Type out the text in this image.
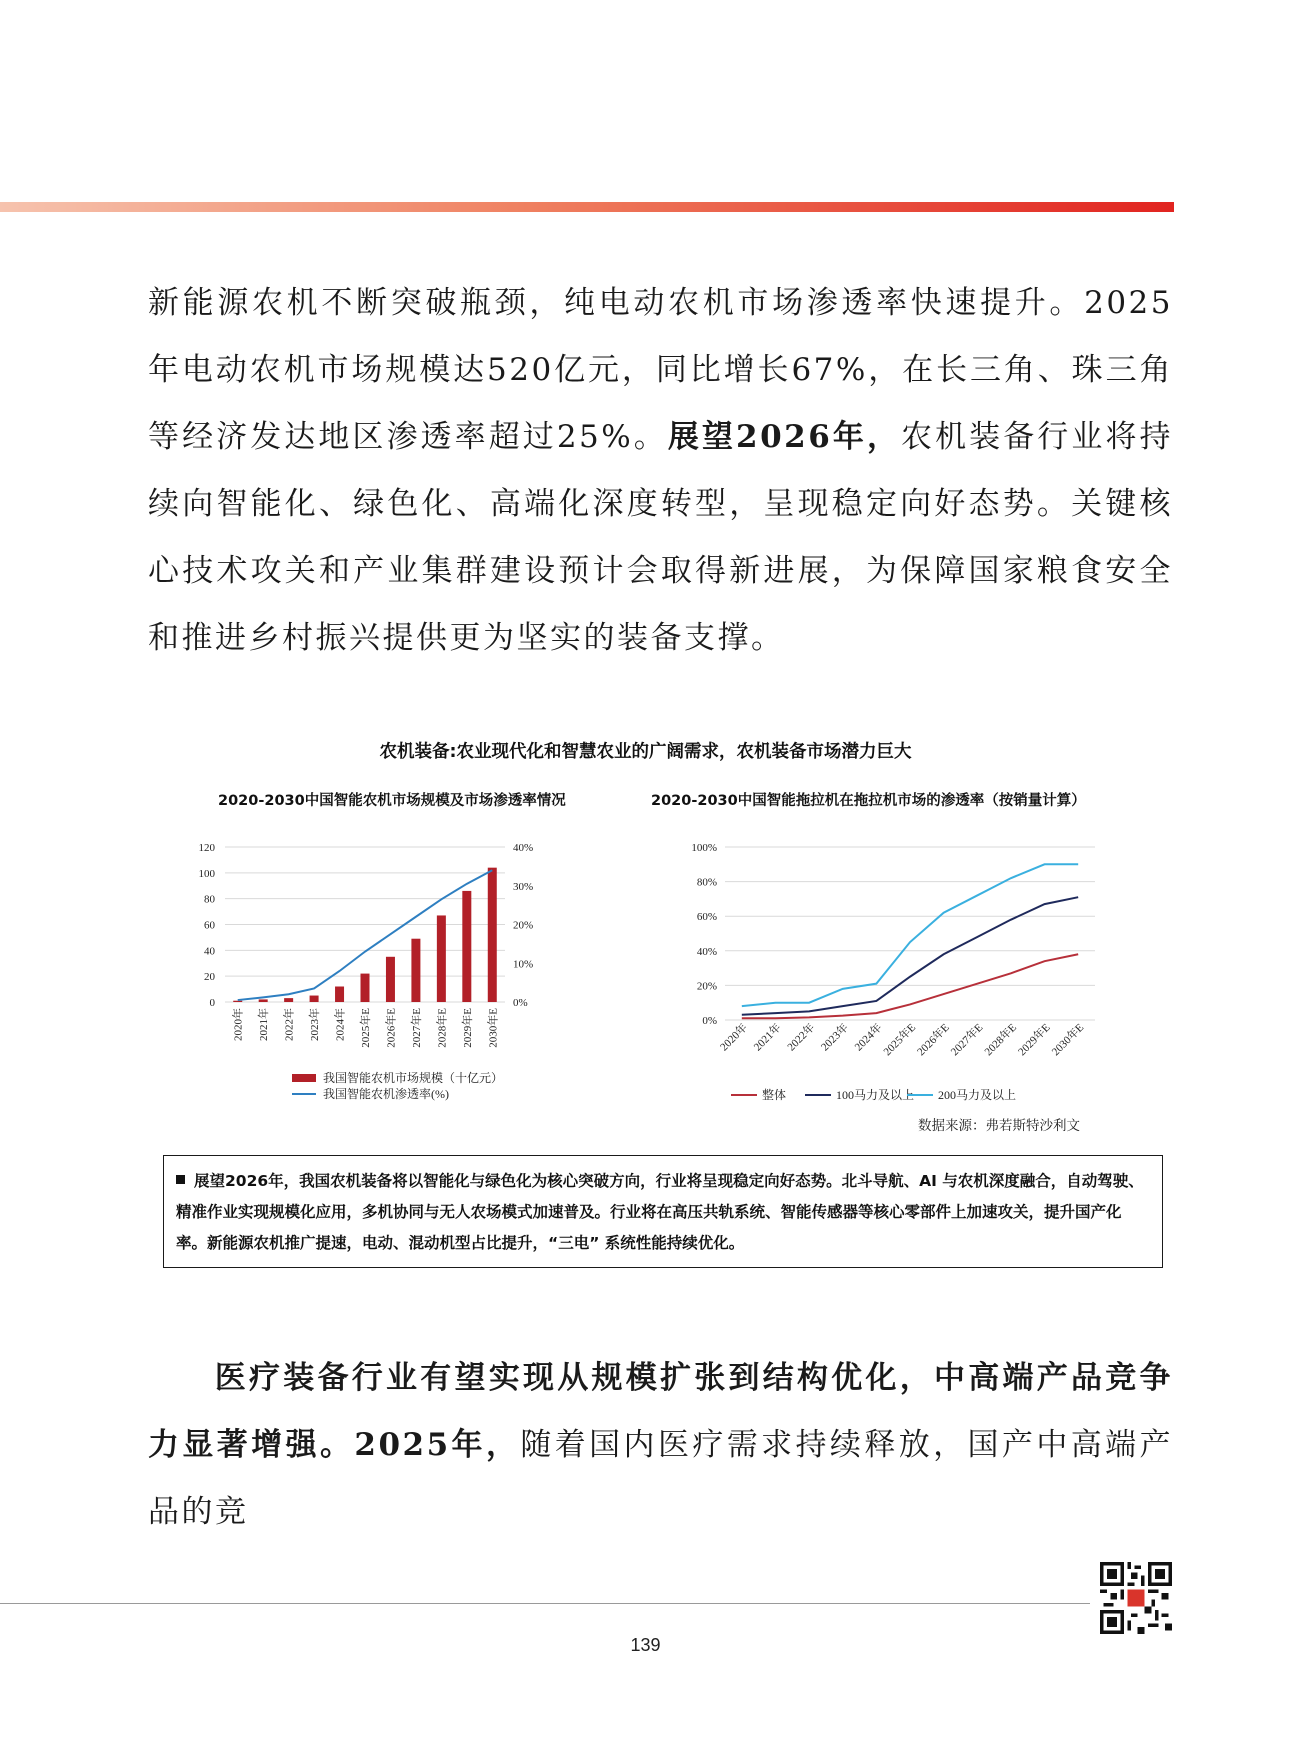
新能源农机不断突破瓶颈，纯电动农机市场渗透率快速提升。2025年电动农机市场规模达520亿元，同比增长67%，在长三角、珠三角等经济发达地区渗透率超过25%。展望2026年，农机装备行业将持续向智能化、绿色化、高端化深度转型，呈现稳定向好态势。关键核心技术攻关和产业集群建设预计会取得新进展，为保障国家粮食安全和推进乡村振兴提供更为坚实的装备支撑。

农机装备:农业现代化和智慧农业的广阔需求，农机装备市场潜力巨大
2020-2030中国智能农机市场规模及市场渗透率情况	2020-2030中国智能拖拉机在拖拉机市场的渗透率（按销量计算）
0
20
40
60
80
100
120
0%
10%
20%
30%
40%
2020年 2021年 2022年 2023年 2024年 2025年E 2026年E 2027年E 2028年E 2029年E 2030年E
我国智能农机市场规模（十亿元）
我国智能农机渗透率(%)
0%
20%
40%
60%
80%
100%
2020年 2021年 2022年 2023年 2024年
2025年E
2026年E
2027年E
2028年E
2029年E
2030年E
整体	100马力及以上 200马力及以上
数据来源：弗若斯特沙利文
展望2026年，我国农机装备将以智能化与绿色化为核心突破方向，行业将呈现稳定向好态势。北斗导航、AI 与农机深度融合，自动驾驶、精准作业实现规模化应用，多机协同与无人农场模式加速普及。行业将在高压共轨系统、智能传感器等核心零部件上加速攻关，提升国产化率。新能源农机推广提速，电动、混动机型占比提升，“三电” 系统性能持续优化。

医疗装备行业有望实现从规模扩张到结构优化，中高端产品竞争力显著增强。2025年，随着国内医疗需求持续释放，国产中高端产品的竞

139
